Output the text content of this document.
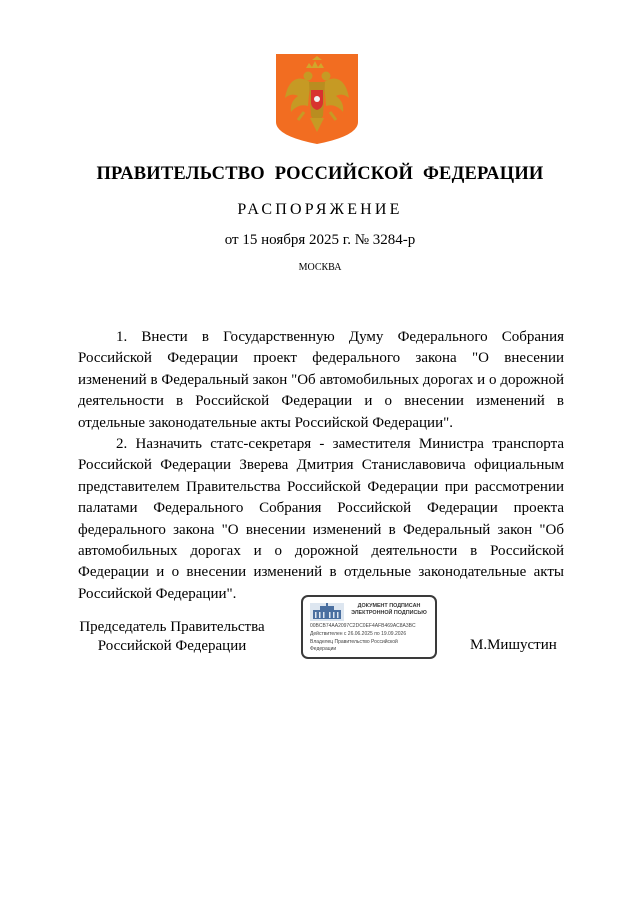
ПРАВИТЕЛЬСТВО РОССИЙСКОЙ ФЕДЕРАЦИИ
РАСПОРЯЖЕНИЕ
от 15 ноября 2025 г. № 3284-р
МОСКВА

1. Внести в Государственную Думу Федерального Собрания Российской Федерации проект федерального закона "О внесении изменений в Федеральный закон "Об автомобильных дорогах и о дорожной деятельности в Российской Федерации и о внесении изменений в отдельные законодательные акты Российской Федерации".

2. Назначить статс-секретаря - заместителя Министра транспорта Российской Федерации Зверева Дмитрия Станиславовича официальным представителем Правительства Российской Федерации при рассмотрении палатами Федерального Собрания Российской Федерации проекта федерального закона "О внесении изменений в Федеральный закон "Об автомобильных дорогах и о дорожной деятельности в Российской Федерации и о внесении изменений в отдельные законодательные акты Российской Федерации".

Председатель Правительства
Российской Федерации
ДОКУМЕНТ ПОДПИСАН
ЭЛЕКТРОННОЙ ПОДПИСЬЮ
00BCB74AA2097C2DC0EF4AFB469AC8A3BC
Действителен с 26.06.2025 по 19.09.2026
Владелец Правительство Российской
Федерации	М.Мишустин
